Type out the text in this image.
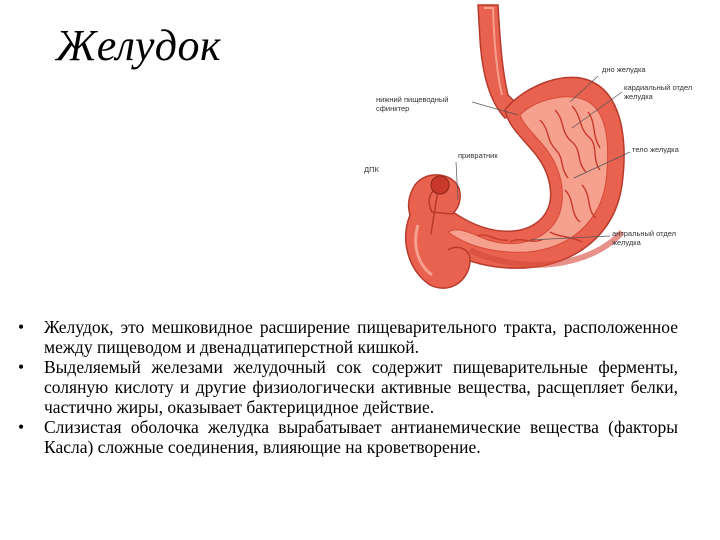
Желудок	дно желудка
кардиальный отдел
желудка
нижний пищеводный
сфинктер
привратник
ДПК
тело желудка
антральный отдел
желудка
• Желудок, это мешковидное расширение пищеварительного тракта, расположенное между пищеводом и двенадцатиперстной кишкой.
• Выделяемый железами желудочный сок содержит пищеварительные ферменты, соляную кислоту и другие физиологически активные вещества, расщепляет белки, частично жиры, оказывает бактерицидное действие.
• Слизистая оболочка желудка вырабатывает антианемические вещества (факторы Касла) сложные соединения, влияющие на кроветворение.
